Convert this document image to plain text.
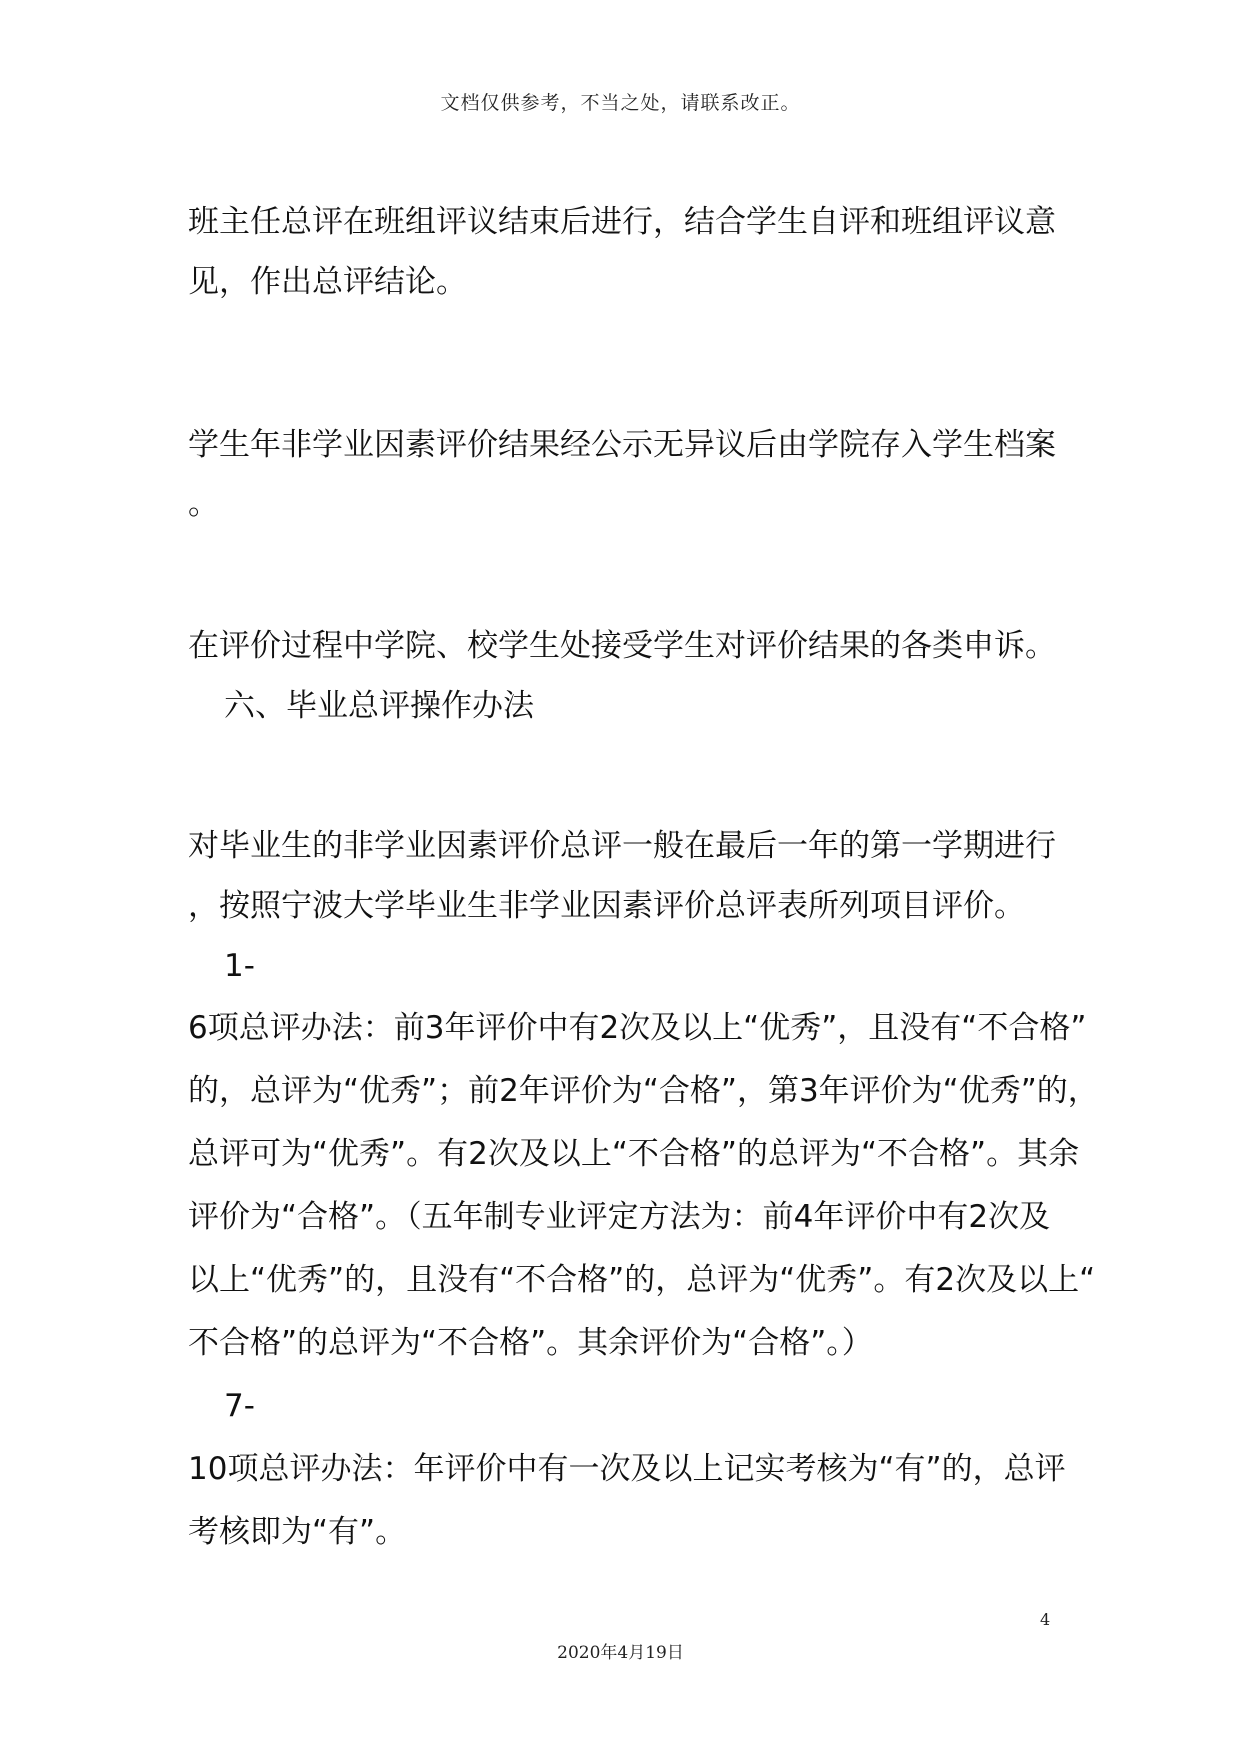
文档仅供参考，不当之处，请联系改正。
班主任总评在班组评议结束后进行，结合学生自评和班组评议意
见，作出总评结论。
学生年非学业因素评价结果经公示无异议后由学院存入学生档案
。
在评价过程中学院、校学生处接受学生对评价结果的各类申诉。
六、毕业总评操作办法
对毕业生的非学业因素评价总评一般在最后一年的第一学期进行
，按照宁波大学毕业生非学业因素评价总评表所列项目评价。
1-
6项总评办法：前3年评价中有2次及以上“优秀”，且没有“不合格”
的，总评为“优秀”；前2年评价为“合格”，第3年评价为“优秀”的，
总评可为“优秀”。有2次及以上“不合格”的总评为“不合格”。其余
评价为“合格”。（五年制专业评定方法为：前4年评价中有2次及
以上“优秀”的，且没有“不合格”的，总评为“优秀”。有2次及以上“
不合格”的总评为“不合格”。其余评价为“合格”。）
7-
10项总评办法：年评价中有一次及以上记实考核为“有”的，总评
考核即为“有”。
4
2020年4月19日
